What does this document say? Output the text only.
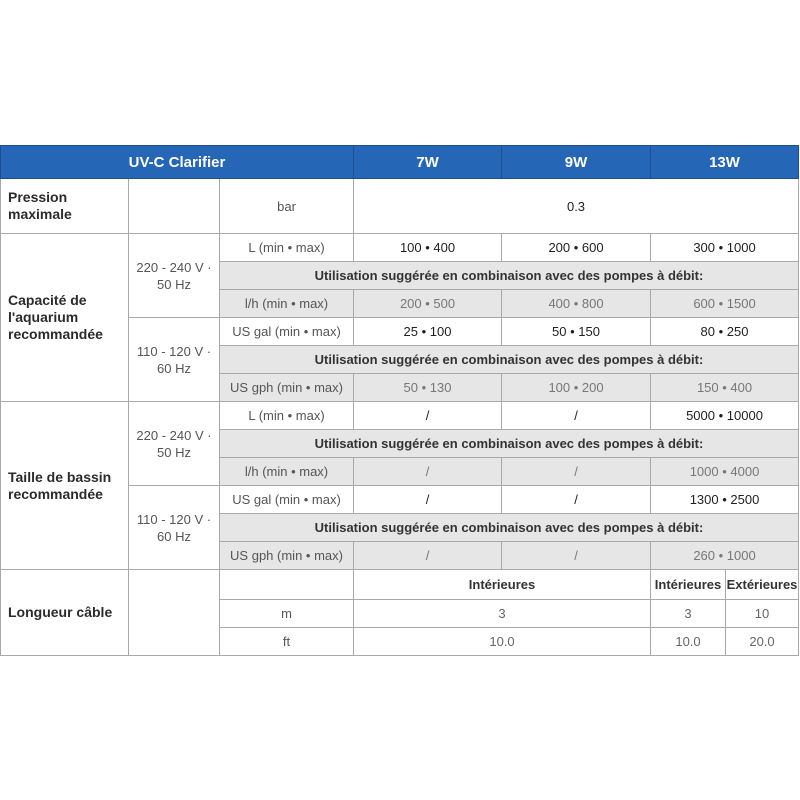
UV-C Clarifier			7W	9W	13W	
Pression maximale		bar	0.3			
Capacité de l'aquarium recommandée	220 - 240 V · 50 Hz	L (min • max)	100 • 400	200 • 600	300 • 1000	
		Utilisation suggérée en combinaison avec des pompes à débit:				
		l/h (min • max)	200 • 500	400 • 800	600 • 1500	
	110 - 120 V · 60 Hz	US gal (min • max)	25 • 100	50 • 150	80 • 250	
		Utilisation suggérée en combinaison avec des pompes à débit:				
		US gph (min • max)	50 • 130	100 • 200	150 • 400	
Taille de bassin recommandée	220 - 240 V · 50 Hz	L (min • max)	/	/	5000 • 10000	
		Utilisation suggérée en combinaison avec des pompes à débit:				
		l/h (min • max)	/	/	1000 • 4000	
	110 - 120 V · 60 Hz	US gal (min • max)	/	/	1300 • 2500	
		Utilisation suggérée en combinaison avec des pompes à débit:				
		US gph (min • max)	/	/	260 • 1000	
Longueur câble			Intérieures		Intérieures	Extérieures
		m	3		3	10
		ft	10.0		10.0	20.0
